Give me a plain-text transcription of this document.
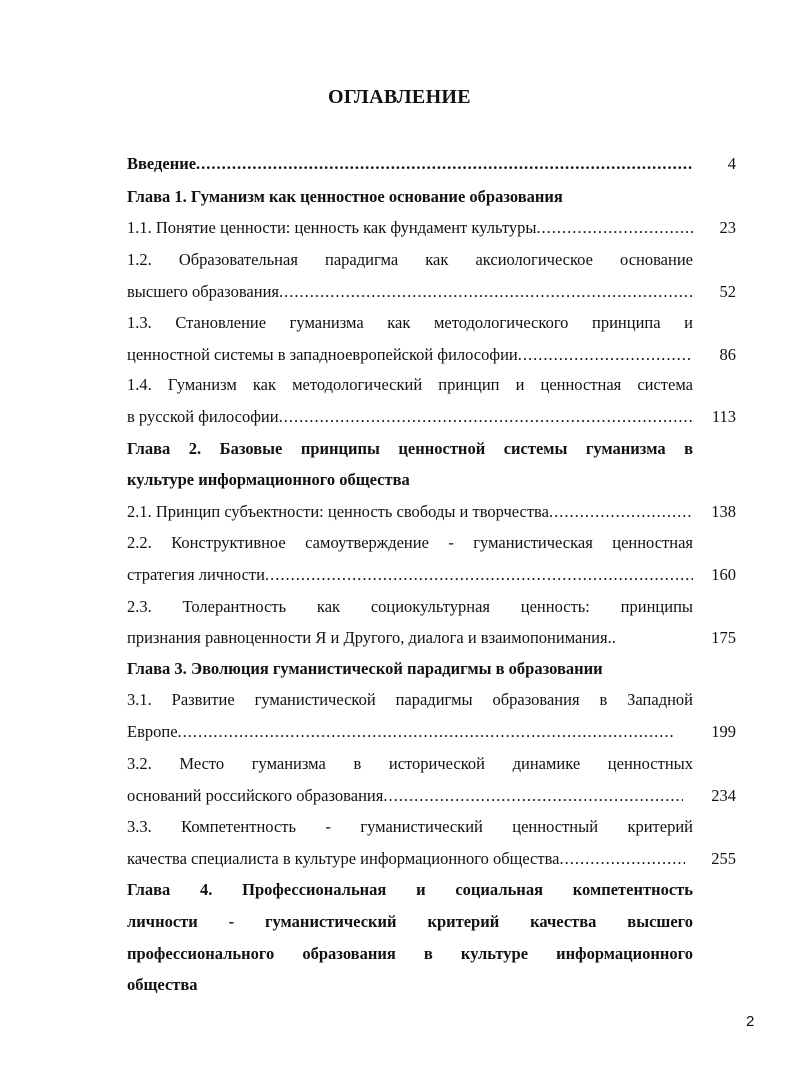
ОГЛАВЛЕНИЕ
Введение .....	4
Глава 1. Гуманизм как ценностное основание образования
1.1. Понятие ценности: ценность как фундамент культуры .....	23
1.2. Образовательная парадигма как аксиологическое основание
высшего образования .....	52
1.3. Становление гуманизма как методологического принципа и
ценностной системы в западноевропейской философии .....	86
1.4. Гуманизм как методологический принцип и ценностная система
в русской философии .....	113
Глава 2. Базовые принципы ценностной системы гуманизма в
культуре информационного общества
2.1. Принцип субъектности: ценность свободы и творчества .....	138
2.2. Конструктивное самоутверждение - гуманистическая ценностная
стратегия личности .....	160
2.3. Толерантность как социокультурная ценность: принципы
признания равноценности Я и Другого, диалога и взаимопонимания..	175
Глава 3. Эволюция гуманистической парадигмы в образовании
3.1. Развитие гуманистической парадигмы образования в Западной
Европе .....	199
3.2. Место гуманизма в исторической динамике ценностных
оснований российского образования .....	234
3.3. Компетентность - гуманистический ценностный критерий
качества специалиста в культуре информационного общества .....	255
Глава 4. Профессиональная и социальная компетентность
личности - гуманистический критерий качества высшего
профессионального образования в культуре информационного
общества
2
